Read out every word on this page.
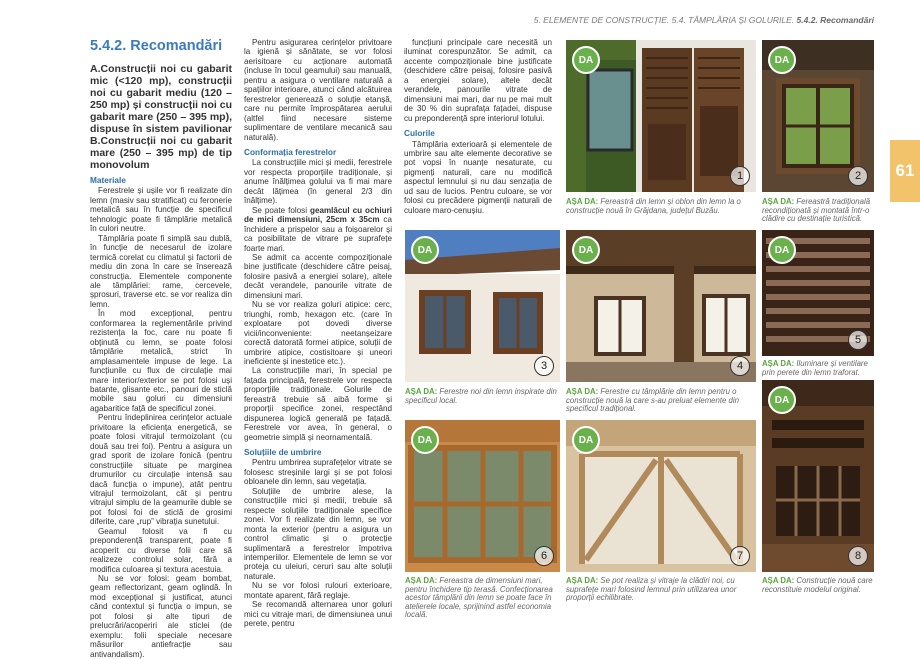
5. ELEMENTE DE CONSTRUCȚIE. 5.4. TÂMPLĂRIA ȘI GOLURILE. 5.4.2. Recomandări
61
5.4.2. Recomandări
A.Construcții noi cu gabarit mic (<120 mp), construcții noi cu gabarit mediu (120 – 250 mp) și construcții noi cu gabarit mare (250 – 395 mp), dispuse în sistem pavilionar B.Construcții noi cu gabarit mare (250 – 395 mp) de tip monovolum
Materiale

Ferestrele și ușile vor fi realizate din lemn (masiv sau stratificat) cu feronerie metalică sau în funcție de specificul tehnologic poate fi tâmplărie metalică în culori neutre.

Tâmplăria poate fi simplă sau dublă, în funcție de necesarul de izolare termică corelat cu climatul și factorii de mediu din zona în care se înserează construcția. Elementele componente ale tâmplăriei: rame, cercevele, șprosuri, traverse etc. se vor realiza din lemn.

În mod excepțional, pentru conformarea la reglementările privind rezistența la foc, care nu poate fi obținută cu lemn, se poate folosi tâmplărie metalică, strict în amplasamentele impuse de lege. La funcțiunile cu flux de circulație mai mare interior/exterior se pot folosi uși batante, glisante etc., panouri de sticlă mobile sau goluri cu dimensiuni agabaritice față de specificul zonei.

Pentru îndeplinirea cerințelor actuale privitoare la eficiența energetică, se poate folosi vitrajul termoizolant (cu două sau trei foi). Pentru a asigura un grad sporit de izolare fonică (pentru construcțiile situate pe marginea drumurilor cu circulație intensă sau dacă funcția o impune), atât pentru vitrajul termoizolant, cât și pentru vitrajul simplu de la geamurile duble se pot folosi foi de sticlă de grosimi diferite, care „rup” vibrația sunetului.

Geamul folosit va fi cu preponderență transparent, poate fi acoperit cu diverse folii care să realizeze controlul solar, fără a modifica culoarea și textura acestuia.

Nu se vor folosi: geam bombat, geam reflectorizant, geam oglindă. În mod excepțional și justificat, atunci când contextul și funcția o impun, se pot folosi și alte tipuri de prelucrări/acoperiri ale sticlei (de exemplu: folii speciale necesare măsurilor antiefracție sau antivandalism).

Pentru asigurarea cerințelor privitoare la igienă și sănătate, se vor folosi aerisitoare cu acționare automată (incluse în tocul geamului) sau manuală, pentru a asigura o ventilare naturală a spațiilor interioare, atunci când alcătuirea ferestrelor generează o soluție etanșă, care nu permite împrospătarea aerului (altfel fiind necesare sisteme suplimentare de ventilare mecanică sau naturală).

Conformația ferestrelor

La construcțiile mici și medii, ferestrele vor respecta proporțiile tradiționale, și anume înălțimea golului va fi mai mare decât lățimea (în general 2/3 din înălțime).

Se poate folosi geamlâcul cu ochiuri de mici dimensiuni, 25cm x 35cm ca închidere a prispelor sau a foișoarelor și ca posibilitate de vitrare pe suprafețe foarte mari.

Se admit ca accente compoziționale bine justificate (deschidere către peisaj, folosire pasivă a energiei solare), altele decât verandele, panourile vitrate de dimensiuni mari.

Nu se vor realiza goluri atipice: cerc, triunghi, romb, hexagon etc. (care în exploatare pot dovedi diverse vicii/inconveniente: neetanșeizare corectă datorată formei atipice, soluții de umbrire atipice, costisitoare și uneori ineficiente și inestetice etc.).

La construcțiile mari, în special pe fațada principală, ferestrele vor respecta proporțiile tradiționale. Golurile de fereastră trebuie să aibă forme și proporții specifice zonei, respectând dispunerea logică generală pe fațadă. Ferestrele vor avea, în general, o geometrie simplă și neornamentală.

Soluțiile de umbrire

Pentru umbrirea suprafețelor vitrate se folosesc streșinile largi și se pot folosi obloanele din lemn, sau vegetația.

Soluțiile de umbrire alese, la construcțiile mici și medii, trebuie să respecte soluțiile tradiționale specifice zonei. Vor fi realizate din lemn, se vor monta la exterior (pentru a asigura un control climatic și o protecție suplimentară a ferestrelor împotriva intemperiilor. Elementele de lemn se vor proteja cu uleiuri, ceruri sau alte soluții naturale.

Nu se vor folosi rulouri exterioare, montate aparent, fără reglaje.

Se recomandă alternarea unor goluri mici cu vitraje mari, de dimensiunea unui perete, pentru

funcțiuni principale care necesită un iluminat corespunzător. Se admit, ca accente compoziționale bine justificate (deschidere către peisaj, folosire pasivă a energiei solare), altele decât verandele, panourile vitrate de dimensiuni mai mari, dar nu pe mai mult de 30 % din suprafața fațadei, dispuse cu preponderență spre interiorul lotului.

Culorile

Tâmplăria exterioară și elementele de umbrire sau alte elemente decorative se pot vopsi în nuanțe nesaturate, cu pigmenți naturali, care nu modifică aspectul lemnului și nu dau senzația de ud sau de lucios. Pentru culoare, se vor folosi cu precădere pigmenții naturali de culoare maro-cenușiu.

DA
1
AȘA DA: Fereastră din lemn și oblon din lemn la o construcție nouă în Grăjdana, județul Buzău.
DA
2
AȘA DA: Fereastră tradițională recondiționată și montată într-o clădire cu destinație turistică.
DA
3
AȘA DA: Ferestre noi din lemn inspirate din specificul local.
DA
4
AȘA DA: Ferestre cu tâmplărie din lemn pentru o construcție nouă la care s-au preluat elemente din specificul tradițional.
DA
5
AȘA DA: Iluminare și ventilare prin perete din lemn traforat.
DA
6
AȘA DA: Fereastra de dimensiuni mari, pentru închidere tip terasă. Confecționarea acestor tâmplării din lemn se poate face în atelierele locale, sprijinind astfel economia locală.
DA
7
AȘA DA: Se pot realiza și vitraje la clădiri noi, cu suprafețe mari folosind lemnul prin utilizarea unor proporții echilibrate.
DA
8
AȘA DA: Construcție nouă care reconstituie modelul original.
